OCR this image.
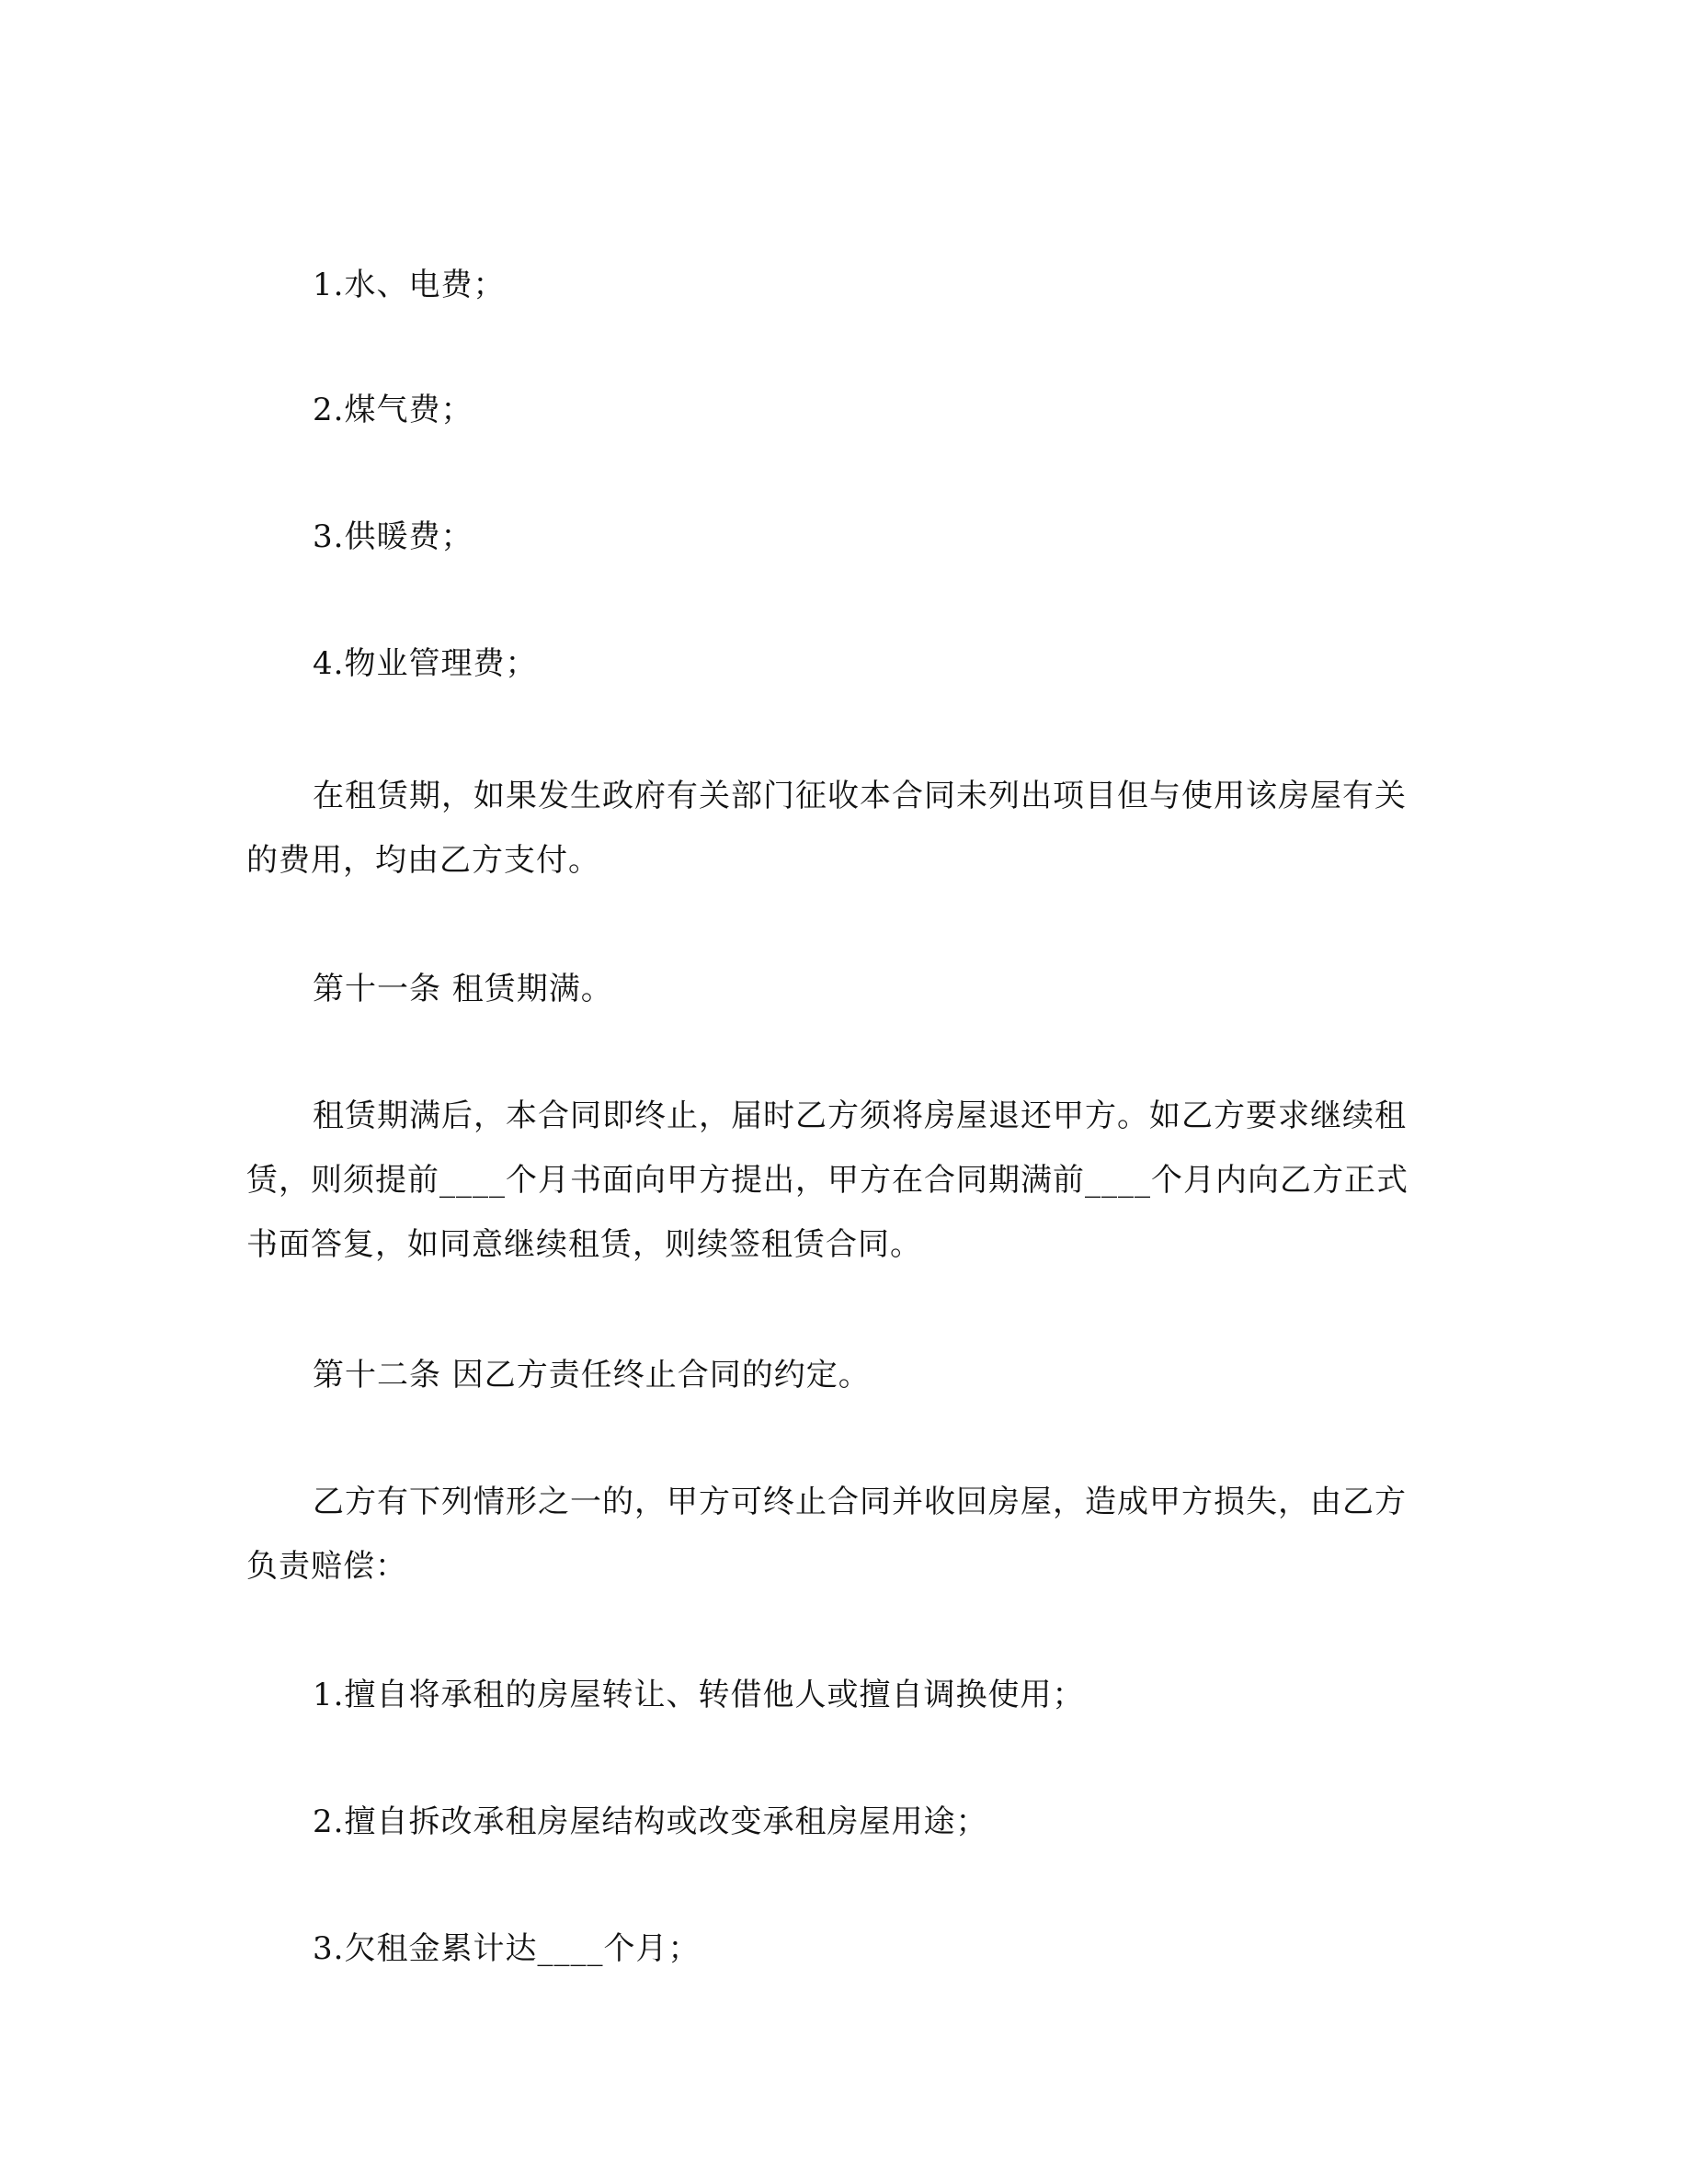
1.水、电费；
2.煤气费；
3.供暖费；
4.物业管理费；
在租赁期，如果发生政府有关部门征收本合同未列出项目但与使用该房屋有关
的费用，均由乙方支付。
第十一条 租赁期满。
租赁期满后，本合同即终止，届时乙方须将房屋退还甲方。如乙方要求继续租
赁，则须提前____个月书面向甲方提出，甲方在合同期满前____个月内向乙方正式
书面答复，如同意继续租赁，则续签租赁合同。
第十二条 因乙方责任终止合同的约定。
乙方有下列情形之一的，甲方可终止合同并收回房屋，造成甲方损失，由乙方
负责赔偿：
1.擅自将承租的房屋转让、转借他人或擅自调换使用；
2.擅自拆改承租房屋结构或改变承租房屋用途；
3.欠租金累计达____个月；
